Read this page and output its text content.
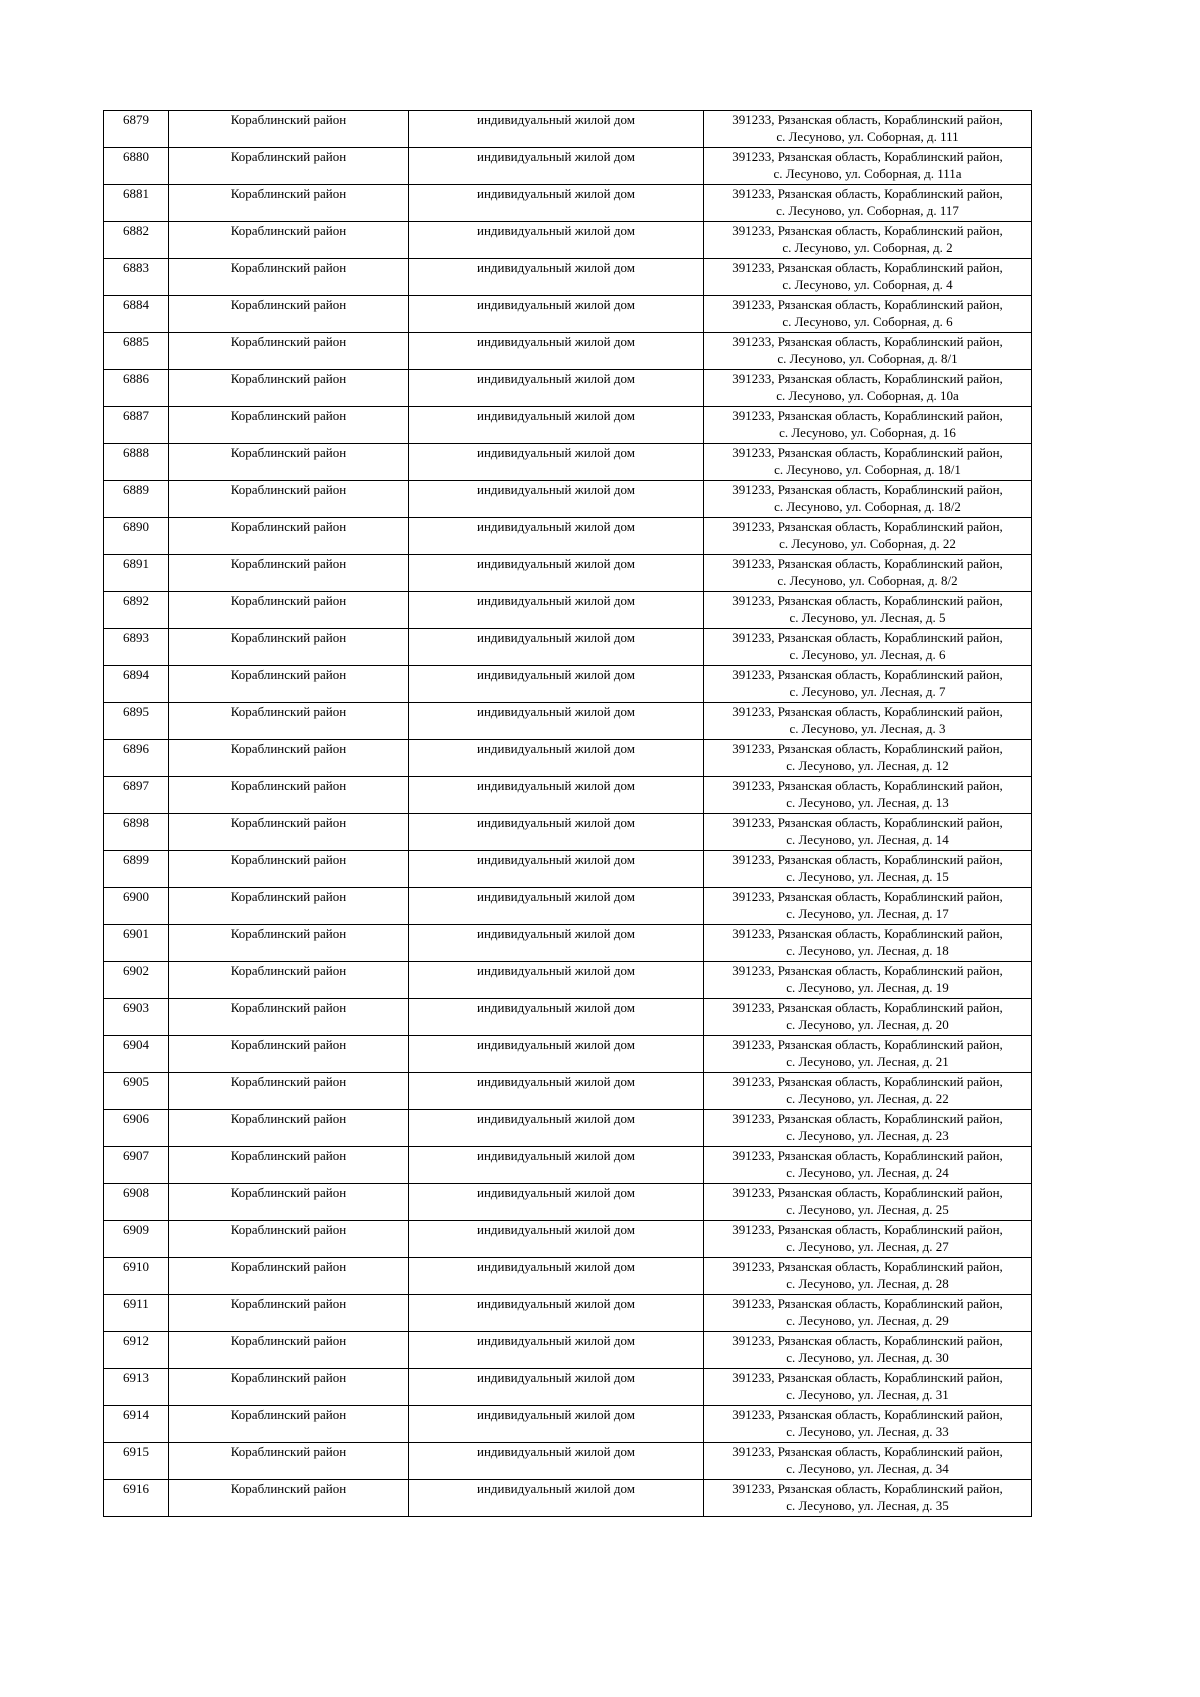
6879	Кораблинский район	индивидуальный жилой дом	391233, Рязанская область, Кораблинский район,
с. Лесуново, ул. Соборная, д. 111

6880	Кораблинский район	индивидуальный жилой дом	391233, Рязанская область, Кораблинский район,
с. Лесуново, ул. Соборная, д. 111а

6881	Кораблинский район	индивидуальный жилой дом	391233, Рязанская область, Кораблинский район,
с. Лесуново, ул. Соборная, д. 117

6882	Кораблинский район	индивидуальный жилой дом	391233, Рязанская область, Кораблинский район,
с. Лесуново, ул. Соборная, д. 2

6883	Кораблинский район	индивидуальный жилой дом	391233, Рязанская область, Кораблинский район,
с. Лесуново, ул. Соборная, д. 4

6884	Кораблинский район	индивидуальный жилой дом	391233, Рязанская область, Кораблинский район,
с. Лесуново, ул. Соборная, д. 6

6885	Кораблинский район	индивидуальный жилой дом	391233, Рязанская область, Кораблинский район,
с. Лесуново, ул. Соборная, д. 8/1

6886	Кораблинский район	индивидуальный жилой дом	391233, Рязанская область, Кораблинский район,
с. Лесуново, ул. Соборная, д. 10а

6887	Кораблинский район	индивидуальный жилой дом	391233, Рязанская область, Кораблинский район,
с. Лесуново, ул. Соборная, д. 16

6888	Кораблинский район	индивидуальный жилой дом	391233, Рязанская область, Кораблинский район,
с. Лесуново, ул. Соборная, д. 18/1

6889	Кораблинский район	индивидуальный жилой дом	391233, Рязанская область, Кораблинский район,
с. Лесуново, ул. Соборная, д. 18/2

6890	Кораблинский район	индивидуальный жилой дом	391233, Рязанская область, Кораблинский район,
с. Лесуново, ул. Соборная, д. 22

6891	Кораблинский район	индивидуальный жилой дом	391233, Рязанская область, Кораблинский район,
с. Лесуново, ул. Соборная, д. 8/2

6892	Кораблинский район	индивидуальный жилой дом	391233, Рязанская область, Кораблинский район,
с. Лесуново, ул. Лесная, д. 5

6893	Кораблинский район	индивидуальный жилой дом	391233, Рязанская область, Кораблинский район,
с. Лесуново, ул. Лесная, д. 6

6894	Кораблинский район	индивидуальный жилой дом	391233, Рязанская область, Кораблинский район,
с. Лесуново, ул. Лесная, д. 7

6895	Кораблинский район	индивидуальный жилой дом	391233, Рязанская область, Кораблинский район,
с. Лесуново, ул. Лесная, д. 3

6896	Кораблинский район	индивидуальный жилой дом	391233, Рязанская область, Кораблинский район,
с. Лесуново, ул. Лесная, д. 12

6897	Кораблинский район	индивидуальный жилой дом	391233, Рязанская область, Кораблинский район,
с. Лесуново, ул. Лесная, д. 13

6898	Кораблинский район	индивидуальный жилой дом	391233, Рязанская область, Кораблинский район,
с. Лесуново, ул. Лесная, д. 14

6899	Кораблинский район	индивидуальный жилой дом	391233, Рязанская область, Кораблинский район,
с. Лесуново, ул. Лесная, д. 15

6900	Кораблинский район	индивидуальный жилой дом	391233, Рязанская область, Кораблинский район,
с. Лесуново, ул. Лесная, д. 17

6901	Кораблинский район	индивидуальный жилой дом	391233, Рязанская область, Кораблинский район,
с. Лесуново, ул. Лесная, д. 18

6902	Кораблинский район	индивидуальный жилой дом	391233, Рязанская область, Кораблинский район,
с. Лесуново, ул. Лесная, д. 19

6903	Кораблинский район	индивидуальный жилой дом	391233, Рязанская область, Кораблинский район,
с. Лесуново, ул. Лесная, д. 20

6904	Кораблинский район	индивидуальный жилой дом	391233, Рязанская область, Кораблинский район,
с. Лесуново, ул. Лесная, д. 21

6905	Кораблинский район	индивидуальный жилой дом	391233, Рязанская область, Кораблинский район,
с. Лесуново, ул. Лесная, д. 22

6906	Кораблинский район	индивидуальный жилой дом	391233, Рязанская область, Кораблинский район,
с. Лесуново, ул. Лесная, д. 23

6907	Кораблинский район	индивидуальный жилой дом	391233, Рязанская область, Кораблинский район,
с. Лесуново, ул. Лесная, д. 24

6908	Кораблинский район	индивидуальный жилой дом	391233, Рязанская область, Кораблинский район,
с. Лесуново, ул. Лесная, д. 25

6909	Кораблинский район	индивидуальный жилой дом	391233, Рязанская область, Кораблинский район,
с. Лесуново, ул. Лесная, д. 27

6910	Кораблинский район	индивидуальный жилой дом	391233, Рязанская область, Кораблинский район,
с. Лесуново, ул. Лесная, д. 28

6911	Кораблинский район	индивидуальный жилой дом	391233, Рязанская область, Кораблинский район,
с. Лесуново, ул. Лесная, д. 29

6912	Кораблинский район	индивидуальный жилой дом	391233, Рязанская область, Кораблинский район,
с. Лесуново, ул. Лесная, д. 30

6913	Кораблинский район	индивидуальный жилой дом	391233, Рязанская область, Кораблинский район,
с. Лесуново, ул. Лесная, д. 31

6914	Кораблинский район	индивидуальный жилой дом	391233, Рязанская область, Кораблинский район,
с. Лесуново, ул. Лесная, д. 33

6915	Кораблинский район	индивидуальный жилой дом	391233, Рязанская область, Кораблинский район,
с. Лесуново, ул. Лесная, д. 34

6916	Кораблинский район	индивидуальный жилой дом	391233, Рязанская область, Кораблинский район,
с. Лесуново, ул. Лесная, д. 35
